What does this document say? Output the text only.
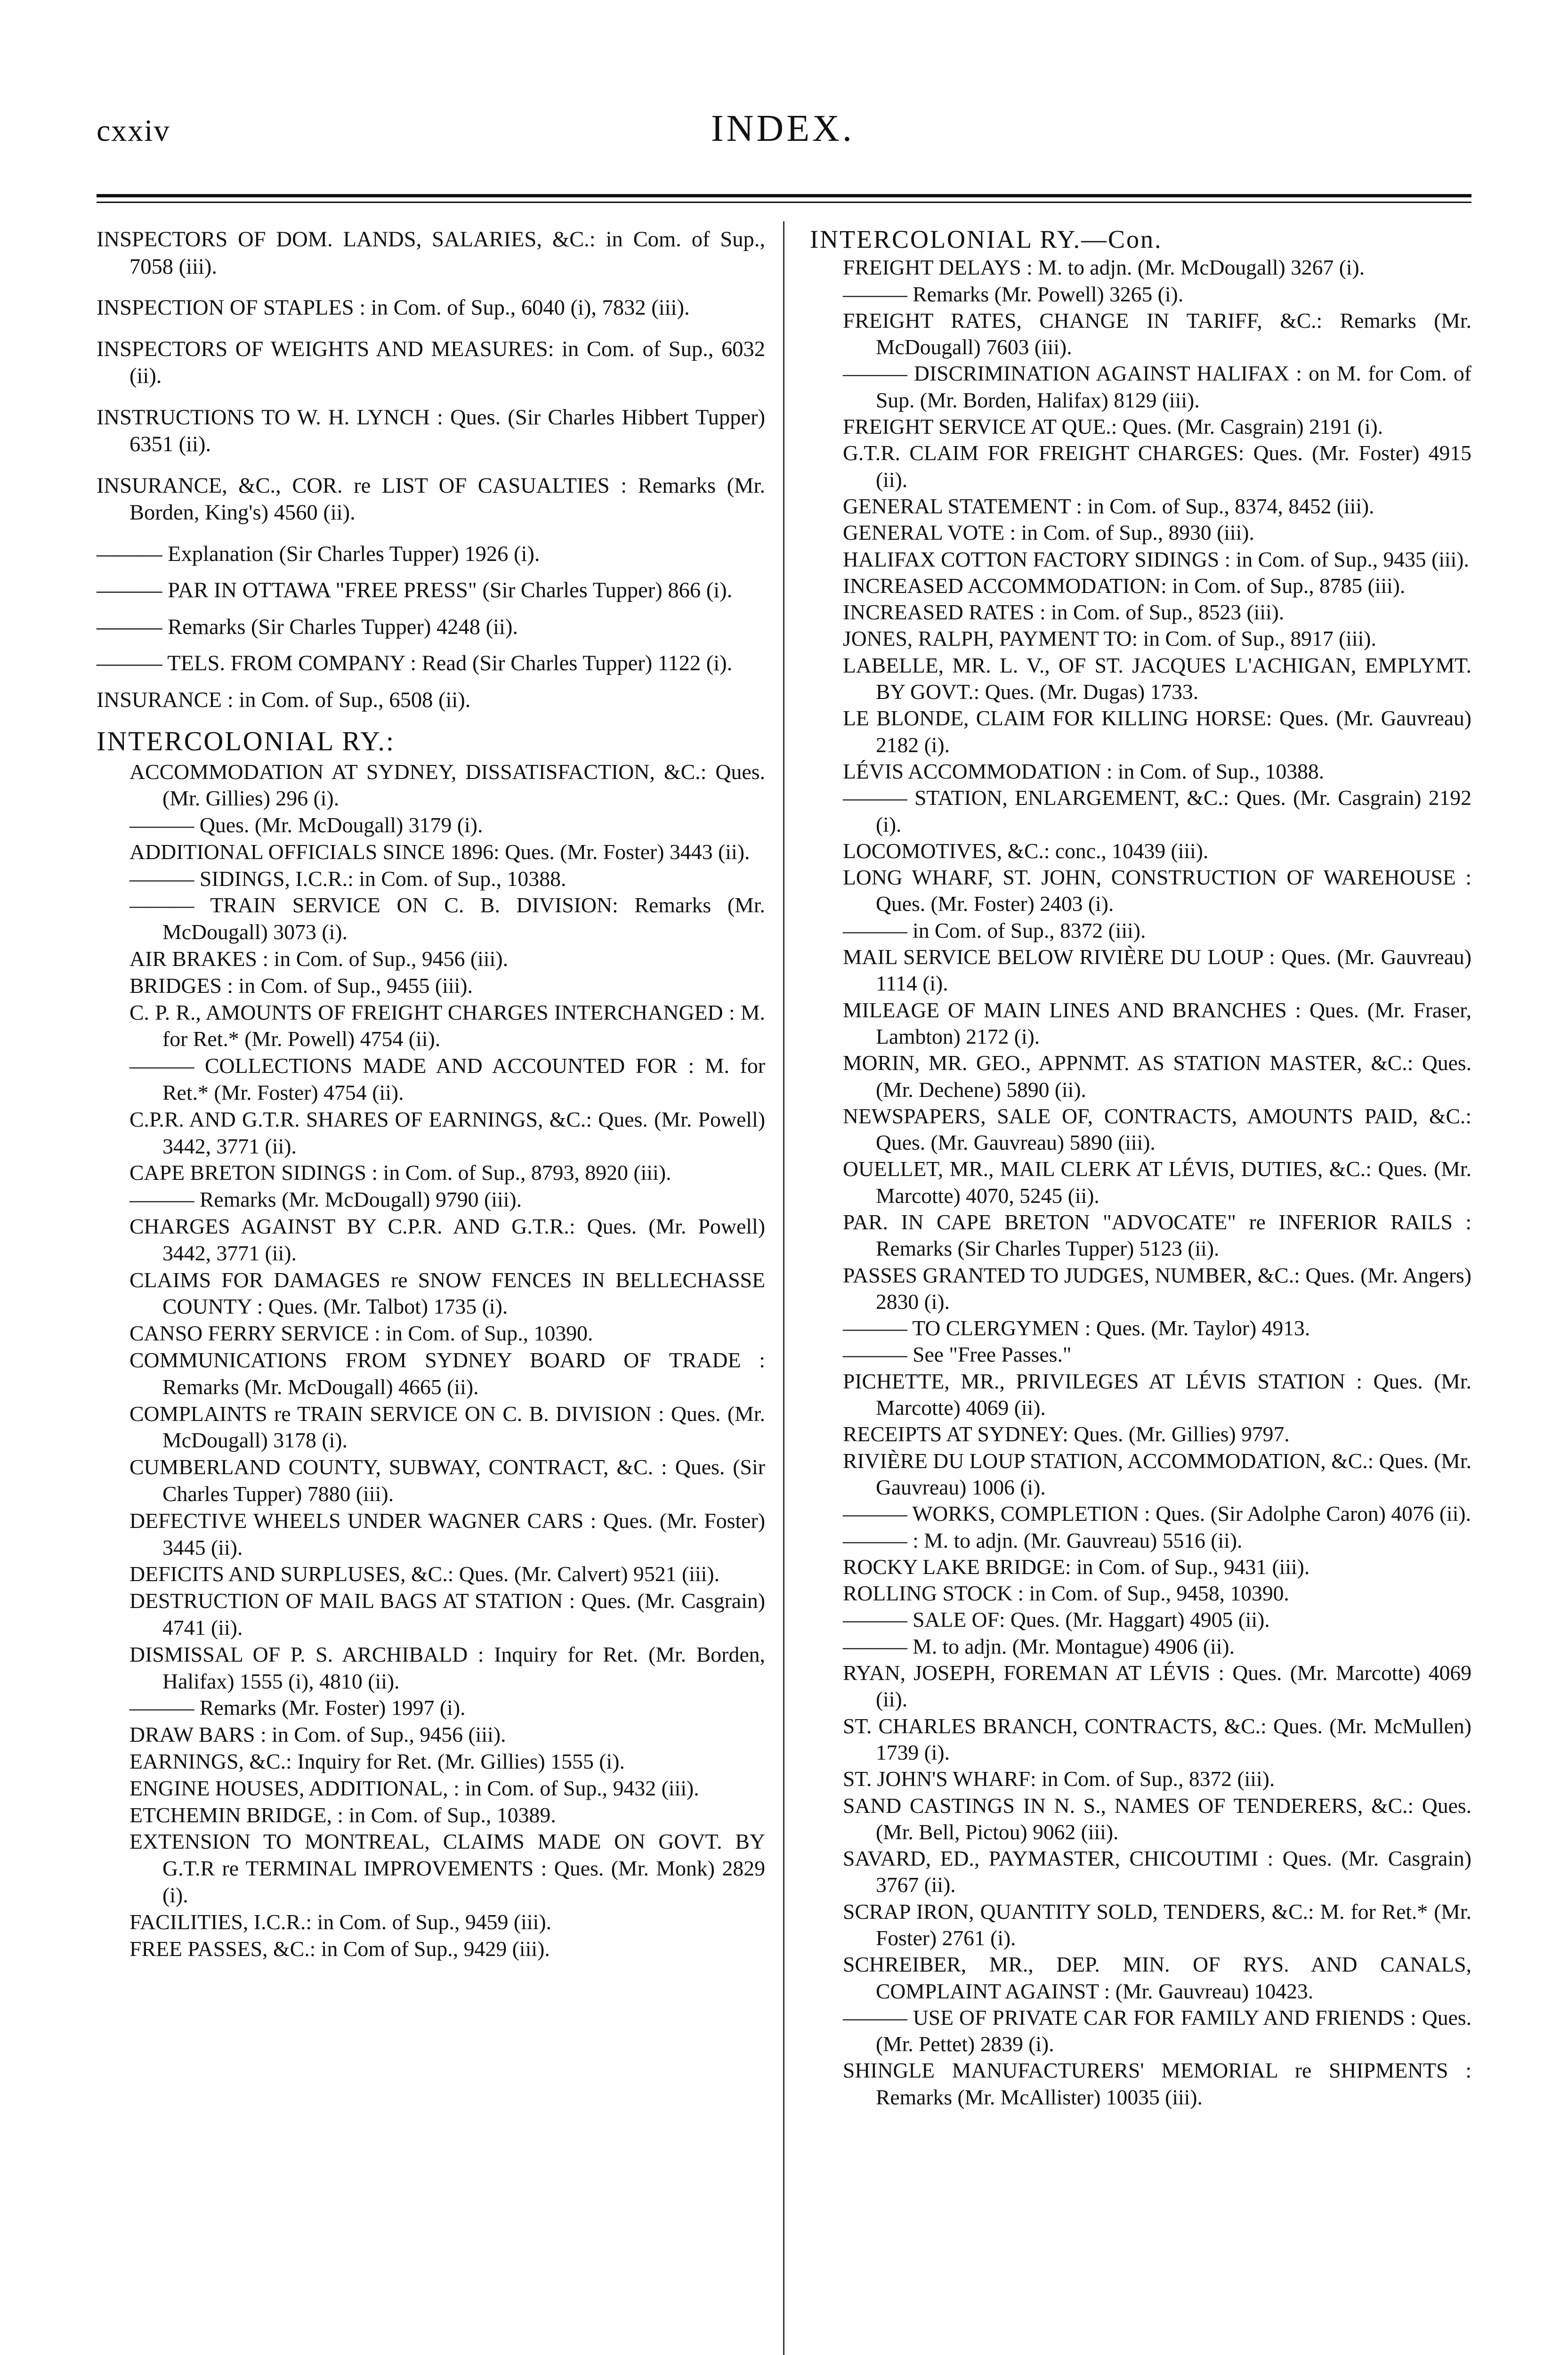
cxxiv	INDEX.

INSPECTORS OF DOM. LANDS, SALARIES, &C.: in Com. of Sup., 7058 (iii).

INSPECTION OF STAPLES : in Com. of Sup., 6040 (i), 7832 (iii).

INSPECTORS OF WEIGHTS AND MEASURES: in Com. of Sup., 6032 (ii).

INSTRUCTIONS TO W. H. LYNCH : Ques. (Sir Charles Hibbert Tupper) 6351 (ii).

INSURANCE, &C., COR. re LIST OF CASUALTIES : Remarks (Mr. Borden, King's) 4560 (ii).

——— Explanation (Sir Charles Tupper) 1926 (i).

——— PAR IN OTTAWA "FREE PRESS" (Sir Charles Tupper) 866 (i).

——— Remarks (Sir Charles Tupper) 4248 (ii).

——— TELS. FROM COMPANY : Read (Sir Charles Tupper) 1122 (i).

INSURANCE : in Com. of Sup., 6508 (ii).

INTERCOLONIAL RY.:

ACCOMMODATION AT SYDNEY, DISSATISFACTION, &C.: Ques. (Mr. Gillies) 296 (i).

——— Ques. (Mr. McDougall) 3179 (i).

ADDITIONAL OFFICIALS SINCE 1896: Ques. (Mr. Foster) 3443 (ii).

——— SIDINGS, I.C.R.: in Com. of Sup., 10388.

——— TRAIN SERVICE ON C. B. DIVISION: Remarks (Mr. McDougall) 3073 (i).

AIR BRAKES : in Com. of Sup., 9456 (iii).

BRIDGES : in Com. of Sup., 9455 (iii).

C. P. R., AMOUNTS OF FREIGHT CHARGES INTERCHANGED : M. for Ret.* (Mr. Powell) 4754 (ii).

——— COLLECTIONS MADE AND ACCOUNTED FOR : M. for Ret.* (Mr. Foster) 4754 (ii).

C.P.R. AND G.T.R. SHARES OF EARNINGS, &C.: Ques. (Mr. Powell) 3442, 3771 (ii).

CAPE BRETON SIDINGS : in Com. of Sup., 8793, 8920 (iii).

——— Remarks (Mr. McDougall) 9790 (iii).

CHARGES AGAINST BY C.P.R. AND G.T.R.: Ques. (Mr. Powell) 3442, 3771 (ii).

CLAIMS FOR DAMAGES re SNOW FENCES IN BELLECHASSE COUNTY : Ques. (Mr. Talbot) 1735 (i).

CANSO FERRY SERVICE : in Com. of Sup., 10390.

COMMUNICATIONS FROM SYDNEY BOARD OF TRADE : Remarks (Mr. McDougall) 4665 (ii).

COMPLAINTS re TRAIN SERVICE ON C. B. DIVISION : Ques. (Mr. McDougall) 3178 (i).

CUMBERLAND COUNTY, SUBWAY, CONTRACT, &C. : Ques. (Sir Charles Tupper) 7880 (iii).

DEFECTIVE WHEELS UNDER WAGNER CARS : Ques. (Mr. Foster) 3445 (ii).

DEFICITS AND SURPLUSES, &C.: Ques. (Mr. Calvert) 9521 (iii).

DESTRUCTION OF MAIL BAGS AT STATION : Ques. (Mr. Casgrain) 4741 (ii).

DISMISSAL OF P. S. ARCHIBALD : Inquiry for Ret. (Mr. Borden, Halifax) 1555 (i), 4810 (ii).

——— Remarks (Mr. Foster) 1997 (i).

DRAW BARS : in Com. of Sup., 9456 (iii).

EARNINGS, &C.: Inquiry for Ret. (Mr. Gillies) 1555 (i).

ENGINE HOUSES, ADDITIONAL, : in Com. of Sup., 9432 (iii).

ETCHEMIN BRIDGE, : in Com. of Sup., 10389.

EXTENSION TO MONTREAL, CLAIMS MADE ON GOVT. BY G.T.R re TERMINAL IMPROVEMENTS : Ques. (Mr. Monk) 2829 (i).

FACILITIES, I.C.R.: in Com. of Sup., 9459 (iii).

FREE PASSES, &C.: in Com of Sup., 9429 (iii).

INTERCOLONIAL RY.—Con.

FREIGHT DELAYS : M. to adjn. (Mr. McDougall) 3267 (i).

——— Remarks (Mr. Powell) 3265 (i).

FREIGHT RATES, CHANGE IN TARIFF, &C.: Remarks (Mr. McDougall) 7603 (iii).

——— DISCRIMINATION AGAINST HALIFAX : on M. for Com. of Sup. (Mr. Borden, Halifax) 8129 (iii).

FREIGHT SERVICE AT QUE.: Ques. (Mr. Casgrain) 2191 (i).

G.T.R. CLAIM FOR FREIGHT CHARGES: Ques. (Mr. Foster) 4915 (ii).

GENERAL STATEMENT : in Com. of Sup., 8374, 8452 (iii).

GENERAL VOTE : in Com. of Sup., 8930 (iii).

HALIFAX COTTON FACTORY SIDINGS : in Com. of Sup., 9435 (iii).

INCREASED ACCOMMODATION: in Com. of Sup., 8785 (iii).

INCREASED RATES : in Com. of Sup., 8523 (iii).

JONES, RALPH, PAYMENT TO: in Com. of Sup., 8917 (iii).

LABELLE, MR. L. V., OF ST. JACQUES L'ACHIGAN, EMPLYMT. BY GOVT.: Ques. (Mr. Dugas) 1733.

LE BLONDE, CLAIM FOR KILLING HORSE: Ques. (Mr. Gauvreau) 2182 (i).

LÉVIS ACCOMMODATION : in Com. of Sup., 10388.

——— STATION, ENLARGEMENT, &C.: Ques. (Mr. Casgrain) 2192 (i).

LOCOMOTIVES, &C.: conc., 10439 (iii).

LONG WHARF, ST. JOHN, CONSTRUCTION OF WAREHOUSE : Ques. (Mr. Foster) 2403 (i).

——— in Com. of Sup., 8372 (iii).

MAIL SERVICE BELOW RIVIÈRE DU LOUP : Ques. (Mr. Gauvreau) 1114 (i).

MILEAGE OF MAIN LINES AND BRANCHES : Ques. (Mr. Fraser, Lambton) 2172 (i).

MORIN, MR. GEO., APPNMT. AS STATION MASTER, &C.: Ques. (Mr. Dechene) 5890 (ii).

NEWSPAPERS, SALE OF, CONTRACTS, AMOUNTS PAID, &C.: Ques. (Mr. Gauvreau) 5890 (iii).

OUELLET, MR., MAIL CLERK AT LÉVIS, DUTIES, &C.: Ques. (Mr. Marcotte) 4070, 5245 (ii).

PAR. IN CAPE BRETON "ADVOCATE" re INFERIOR RAILS : Remarks (Sir Charles Tupper) 5123 (ii).

PASSES GRANTED TO JUDGES, NUMBER, &C.: Ques. (Mr. Angers) 2830 (i).

——— TO CLERGYMEN : Ques. (Mr. Taylor) 4913.

——— See "Free Passes."

PICHETTE, MR., PRIVILEGES AT LÉVIS STATION : Ques. (Mr. Marcotte) 4069 (ii).

RECEIPTS AT SYDNEY: Ques. (Mr. Gillies) 9797.

RIVIÈRE DU LOUP STATION, ACCOMMODATION, &C.: Ques. (Mr. Gauvreau) 1006 (i).

——— WORKS, COMPLETION : Ques. (Sir Adolphe Caron) 4076 (ii).

——— : M. to adjn. (Mr. Gauvreau) 5516 (ii).

ROCKY LAKE BRIDGE: in Com. of Sup., 9431 (iii).

ROLLING STOCK : in Com. of Sup., 9458, 10390.

——— SALE OF: Ques. (Mr. Haggart) 4905 (ii).

——— M. to adjn. (Mr. Montague) 4906 (ii).

RYAN, JOSEPH, FOREMAN AT LÉVIS : Ques. (Mr. Marcotte) 4069 (ii).

ST. CHARLES BRANCH, CONTRACTS, &C.: Ques. (Mr. McMullen) 1739 (i).

ST. JOHN'S WHARF: in Com. of Sup., 8372 (iii).

SAND CASTINGS IN N. S., NAMES OF TENDERERS, &C.: Ques. (Mr. Bell, Pictou) 9062 (iii).

SAVARD, ED., PAYMASTER, CHICOUTIMI : Ques. (Mr. Casgrain) 3767 (ii).

SCRAP IRON, QUANTITY SOLD, TENDERS, &C.: M. for Ret.* (Mr. Foster) 2761 (i).

SCHREIBER, MR., DEP. MIN. OF RYS. AND CANALS, COMPLAINT AGAINST : (Mr. Gauvreau) 10423.

——— USE OF PRIVATE CAR FOR FAMILY AND FRIENDS : Ques. (Mr. Pettet) 2839 (i).

SHINGLE MANUFACTURERS' MEMORIAL re SHIPMENTS : Remarks (Mr. McAllister) 10035 (iii).
